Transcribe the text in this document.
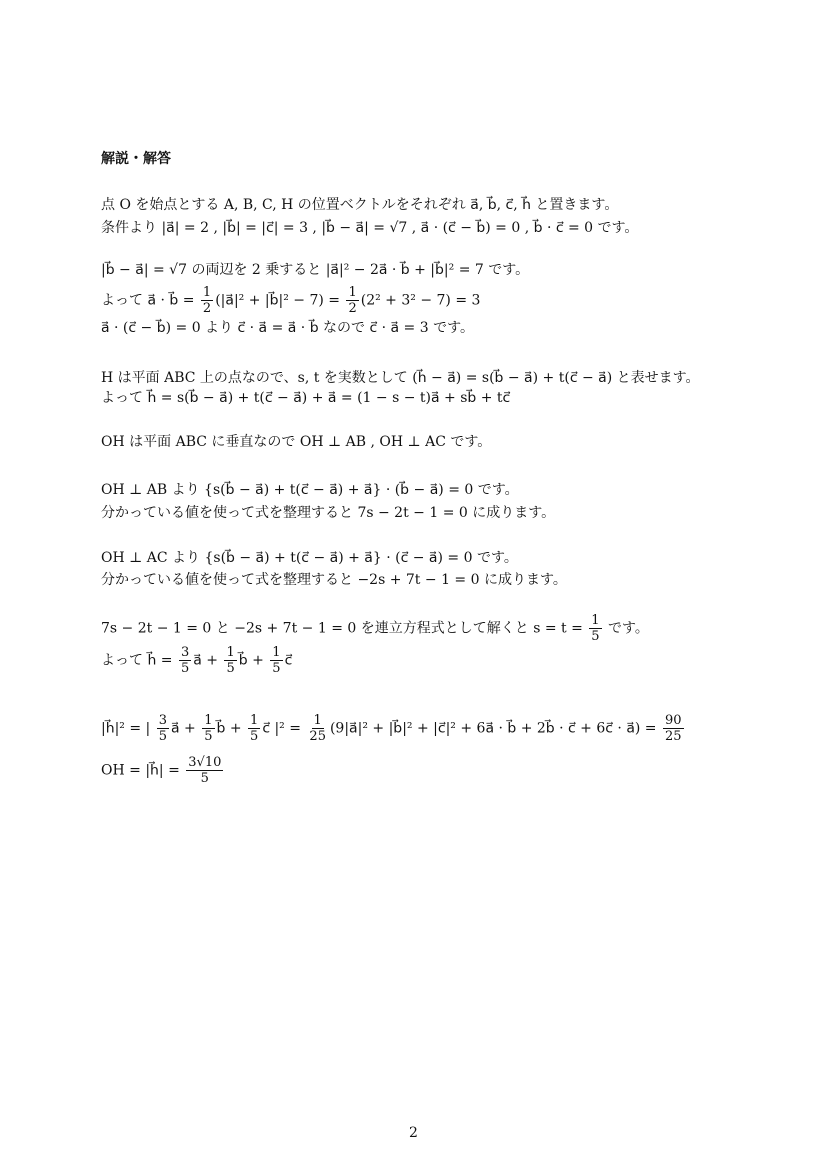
解説・解答
点 O を始点とする A, B, C, H の位置ベクトルをそれぞれ a⃗, b⃗, c⃗, h⃗ と置きます。
条件より |a⃗| = 2 , |b⃗| = |c⃗| = 3 , |b⃗ − a⃗| = √7 , a⃗ · (c⃗ − b⃗) = 0 , b⃗ · c⃗ = 0 です。
|b⃗ − a⃗| = √7 の両辺を 2 乗すると |a⃗|² − 2a⃗ · b⃗ + |b⃗|² = 7 です。
よって a⃗ · b⃗ = $\frac{1}{2}$ (|a⃗|² + |b⃗|² − $7) = \frac{1}{2} (2^2 + 3^2 - 7) = 3$
a⃗ · (c⃗ − b⃗) = 0 より c⃗ · a⃗ = a⃗ · b⃗ なので c⃗ · a⃗ = 3 です。
H は平面 ABC 上の点なので、s, t を実数として (h⃗ − a⃗) = s(b⃗ − a⃗) + t(c⃗ − a⃗) と表せます。
よって h⃗ = s(b⃗ − a⃗) + t(c⃗ − a⃗) + a⃗ = (1 − s − t)a⃗ + sb⃗ + tc⃗
OH は平面 ABC に垂直なので OH ⊥ AB , OH ⊥ AC です。
OH ⊥ AB より {s(b⃗ − a⃗) + t(c⃗ − a⃗) + a⃗} · (b⃗ − a⃗) = 0 です。
分かっている値を使って式を整理すると 7s − 2t − 1 = 0 に成ります。
OH ⊥ AC より {s(b⃗ − a⃗) + t(c⃗ − a⃗) + a⃗} · (c⃗ − a⃗) = 0 です。
分かっている値を使って式を整理すると −2s + 7t − 1 = 0 に成ります。
7s − 2t − 1 = 0 と −2s + 7t − 1 = 0 を連立方程式として解くと $s = t = \frac{1}{5}$ です。
よって h⃗ = $\frac{3}{5}$ a⃗ + $\frac{1}{5}$ b⃗ + $\frac{1}{5}$ c⃗
|h⃗|² = | $\frac{3}{5}$ a⃗ + $\frac{1}{5}$ b⃗ + $\frac{1}{5}$ c⃗ $|^2 = \frac{1}{25}$ (9|a⃗|² + |b⃗|² + |c⃗|² + 6a⃗ · b⃗ + 2b⃗ · c⃗ + 6c⃗ · a⃗) = $\frac{90}{25}$
OH = |h⃗| = $\frac{3√10}{5}$
2
